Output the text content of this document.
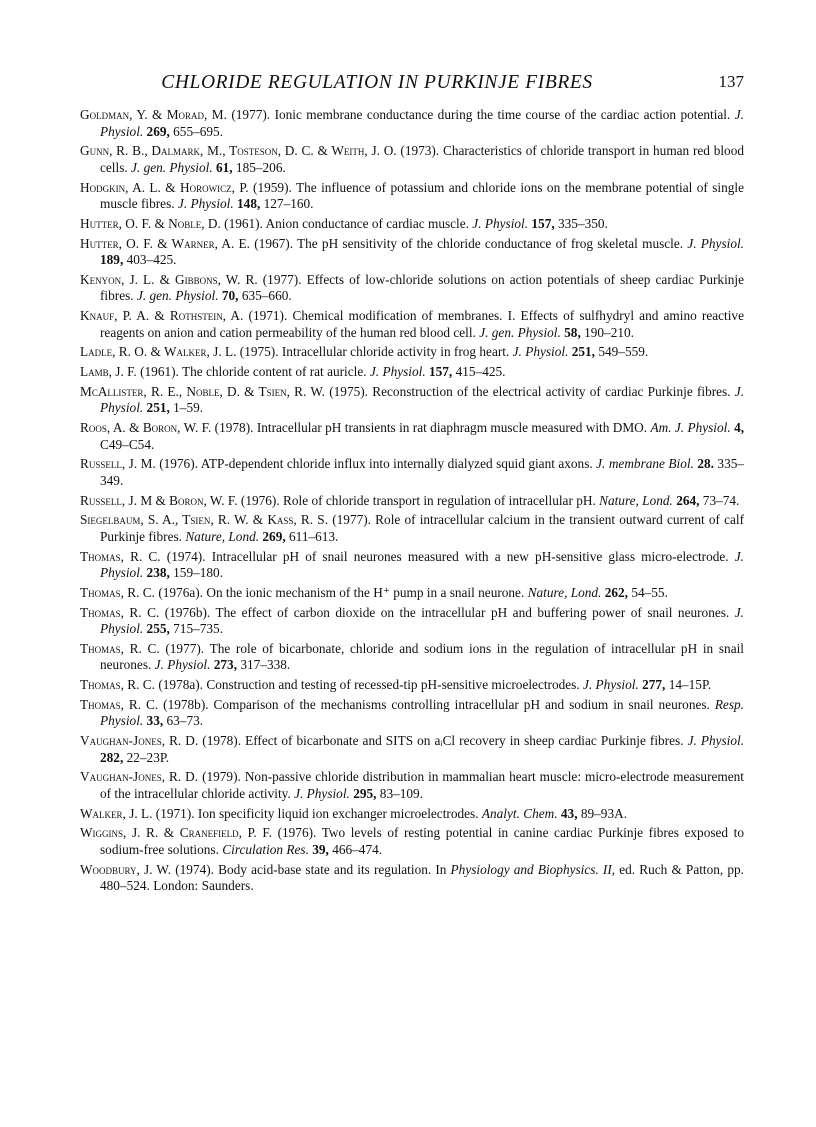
CHLORIDE REGULATION IN PURKINJE FIBRES	137

Goldman, Y. & Morad, M. (1977). Ionic membrane conductance during the time course of the cardiac action potential. J. Physiol. 269, 655–695.

Gunn, R. B., Dalmark, M., Tosteson, D. C. & Weith, J. O. (1973). Characteristics of chloride transport in human red blood cells. J. gen. Physiol. 61, 185–206.

Hodgkin, A. L. & Horowicz, P. (1959). The influence of potassium and chloride ions on the membrane potential of single muscle fibres. J. Physiol. 148, 127–160.

Hutter, O. F. & Noble, D. (1961). Anion conductance of cardiac muscle. J. Physiol. 157, 335–350.

Hutter, O. F. & Warner, A. E. (1967). The pH sensitivity of the chloride conductance of frog skeletal muscle. J. Physiol. 189, 403–425.

Kenyon, J. L. & Gibbons, W. R. (1977). Effects of low-chloride solutions on action potentials of sheep cardiac Purkinje fibres. J. gen. Physiol. 70, 635–660.

Knauf, P. A. & Rothstein, A. (1971). Chemical modification of membranes. I. Effects of sulfhydryl and amino reactive reagents on anion and cation permeability of the human red blood cell. J. gen. Physiol. 58, 190–210.

Ladle, R. O. & Walker, J. L. (1975). Intracellular chloride activity in frog heart. J. Physiol. 251, 549–559.

Lamb, J. F. (1961). The chloride content of rat auricle. J. Physiol. 157, 415–425.

McAllister, R. E., Noble, D. & Tsien, R. W. (1975). Reconstruction of the electrical activity of cardiac Purkinje fibres. J. Physiol. 251, 1–59.

Roos, A. & Boron, W. F. (1978). Intracellular pH transients in rat diaphragm muscle measured with DMO. Am. J. Physiol. 4, C49–C54.

Russell, J. M. (1976). ATP-dependent chloride influx into internally dialyzed squid giant axons. J. membrane Biol. 28. 335–349.

Russell, J. M & Boron, W. F. (1976). Role of chloride transport in regulation of intracellular pH. Nature, Lond. 264, 73–74.

Siegelbaum, S. A., Tsien, R. W. & Kass, R. S. (1977). Role of intracellular calcium in the transient outward current of calf Purkinje fibres. Nature, Lond. 269, 611–613.

Thomas, R. C. (1974). Intracellular pH of snail neurones measured with a new pH-sensitive glass micro-electrode. J. Physiol. 238, 159–180.

Thomas, R. C. (1976a). On the ionic mechanism of the H⁺ pump in a snail neurone. Nature, Lond. 262, 54–55.

Thomas, R. C. (1976b). The effect of carbon dioxide on the intracellular pH and buffering power of snail neurones. J. Physiol. 255, 715–735.

Thomas, R. C. (1977). The role of bicarbonate, chloride and sodium ions in the regulation of intracellular pH in snail neurones. J. Physiol. 273, 317–338.

Thomas, R. C. (1978a). Construction and testing of recessed-tip pH-sensitive microelectrodes. J. Physiol. 277, 14–15P.

Thomas, R. C. (1978b). Comparison of the mechanisms controlling intracellular pH and sodium in snail neurones. Resp. Physiol. 33, 63–73.

Vaughan-Jones, R. D. (1978). Effect of bicarbonate and SITS on aᵢCl recovery in sheep cardiac Purkinje fibres. J. Physiol. 282, 22–23P.

Vaughan-Jones, R. D. (1979). Non-passive chloride distribution in mammalian heart muscle: micro-electrode measurement of the intracellular chloride activity. J. Physiol. 295, 83–109.

Walker, J. L. (1971). Ion specificity liquid ion exchanger microelectrodes. Analyt. Chem. 43, 89–93A.

Wiggins, J. R. & Cranefield, P. F. (1976). Two levels of resting potential in canine cardiac Purkinje fibres exposed to sodium-free solutions. Circulation Res. 39, 466–474.

Woodbury, J. W. (1974). Body acid-base state and its regulation. In Physiology and Biophysics. II, ed. Ruch & Patton, pp. 480–524. London: Saunders.
